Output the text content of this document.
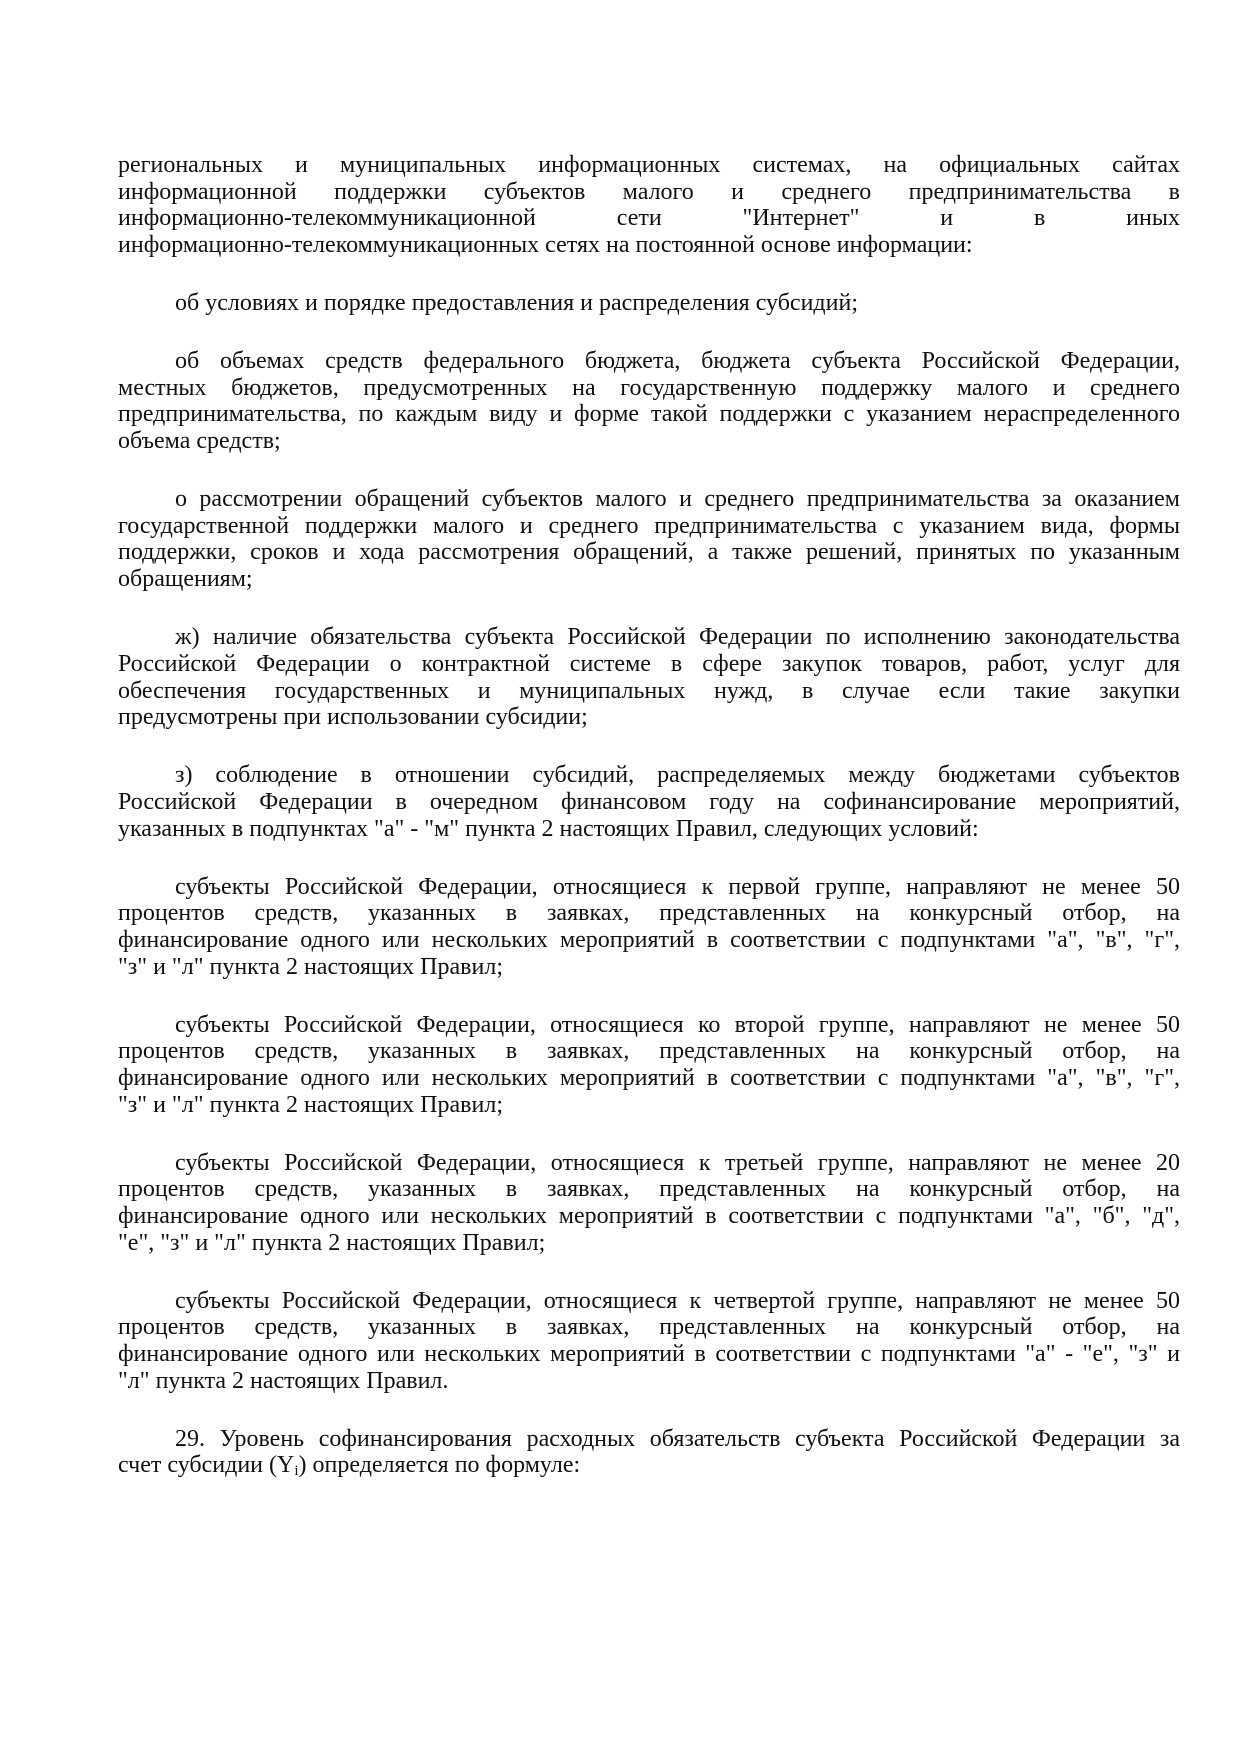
региональных и муниципальных информационных системах, на официальных сайтах
информационной поддержки субъектов малого и среднего предпринимательства в
информационно-телекоммуникационной сети "Интернет" и в иных
информационно-телекоммуникационных сетях на постоянной основе информации:
об условиях и порядке предоставления и распределения субсидий;
об объемах средств федерального бюджета, бюджета субъекта Российской Федерации,
местных бюджетов, предусмотренных на государственную поддержку малого и среднего
предпринимательства, по каждым виду и форме такой поддержки с указанием нераспределенного
объема средств;
о рассмотрении обращений субъектов малого и среднего предпринимательства за оказанием
государственной поддержки малого и среднего предпринимательства с указанием вида, формы
поддержки, сроков и хода рассмотрения обращений, а также решений, принятых по указанным
обращениям;
ж) наличие обязательства субъекта Российской Федерации по исполнению законодательства
Российской Федерации о контрактной системе в сфере закупок товаров, работ, услуг для
обеспечения государственных и муниципальных нужд, в случае если такие закупки
предусмотрены при использовании субсидии;
з) соблюдение в отношении субсидий, распределяемых между бюджетами субъектов
Российской Федерации в очередном финансовом году на софинансирование мероприятий,
указанных в подпунктах "а" - "м" пункта 2 настоящих Правил, следующих условий:
субъекты Российской Федерации, относящиеся к первой группе, направляют не менее 50
процентов средств, указанных в заявках, представленных на конкурсный отбор, на
финансирование одного или нескольких мероприятий в соответствии с подпунктами "а", "в", "г",
"з" и "л" пункта 2 настоящих Правил;
субъекты Российской Федерации, относящиеся ко второй группе, направляют не менее 50
процентов средств, указанных в заявках, представленных на конкурсный отбор, на
финансирование одного или нескольких мероприятий в соответствии с подпунктами "а", "в", "г",
"з" и "л" пункта 2 настоящих Правил;
субъекты Российской Федерации, относящиеся к третьей группе, направляют не менее 20
процентов средств, указанных в заявках, представленных на конкурсный отбор, на
финансирование одного или нескольких мероприятий в соответствии с подпунктами "а", "б", "д",
"е", "з" и "л" пункта 2 настоящих Правил;
субъекты Российской Федерации, относящиеся к четвертой группе, направляют не менее 50
процентов средств, указанных в заявках, представленных на конкурсный отбор, на
финансирование одного или нескольких мероприятий в соответствии с подпунктами "а" - "е", "з" и
"л" пункта 2 настоящих Правил.
29. Уровень софинансирования расходных обязательств субъекта Российской Федерации за
счет субсидии $(Y_i)$ определяется по формуле:
